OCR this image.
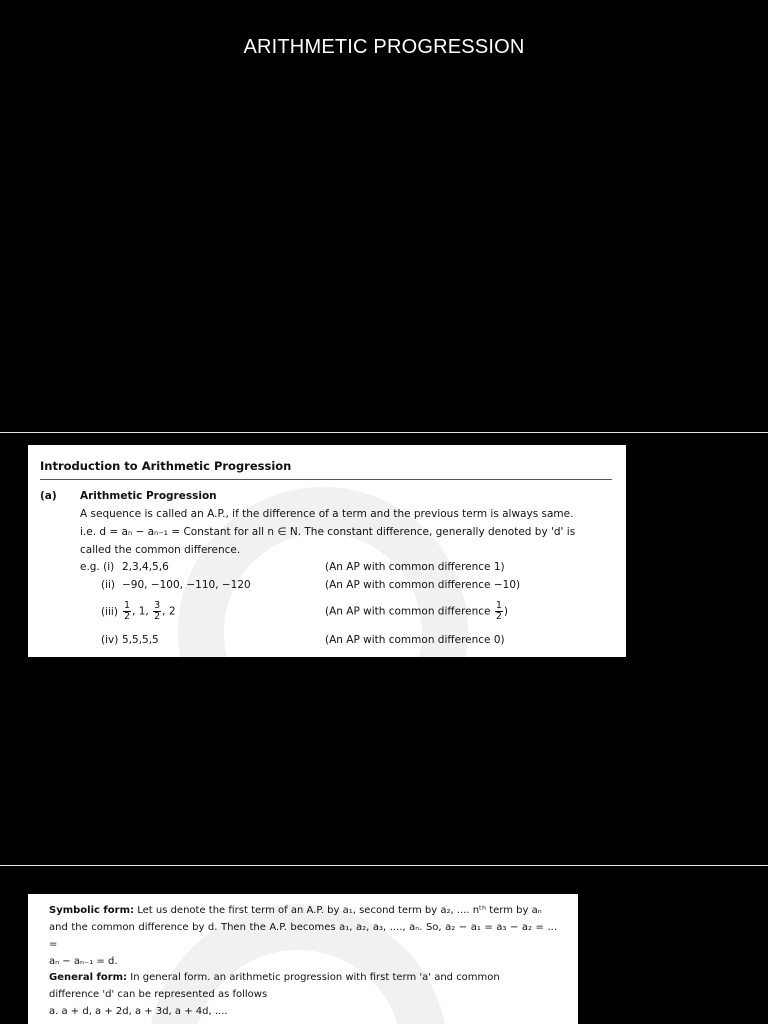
ARITHMETIC PROGRESSION
Introduction to Arithmetic Progression
(a) Arithmetic Progression
A sequence is called an A.P., if the difference of a term and the previous term is always same.
i.e. d = aₙ − aₙ₋₁ = Constant for all n ∈ N. The constant difference, generally denoted by 'd' is
called the common difference.
e.g. (i) 2,3,4,5,6	(An AP with common difference 1)
(ii) −90, −100, −110, −120	(An AP with common difference −10)
$(iii) \frac{1}{2}$ , 1, $\frac{3}{2}$ , 2	(An AP with common difference $\frac{1}{2}$ )
(iv) 5,5,5,5	(An AP with common difference 0)
Symbolic form: Let us denote the first term of an A.P. by a₁, second term by a₂, .... nᵗʰ term by aₙ
and the common difference by d. Then the A.P. becomes a₁, a₂, a₃, ...., aₙ. So, a₂ − a₁ = a₃ − a₂ = ... =
aₙ − aₙ₋₁ = d.
General form: In general form. an arithmetic progression with first term 'a' and common
difference 'd' can be represented as follows
a. a + d, a + 2d, a + 3d, a + 4d, ....
